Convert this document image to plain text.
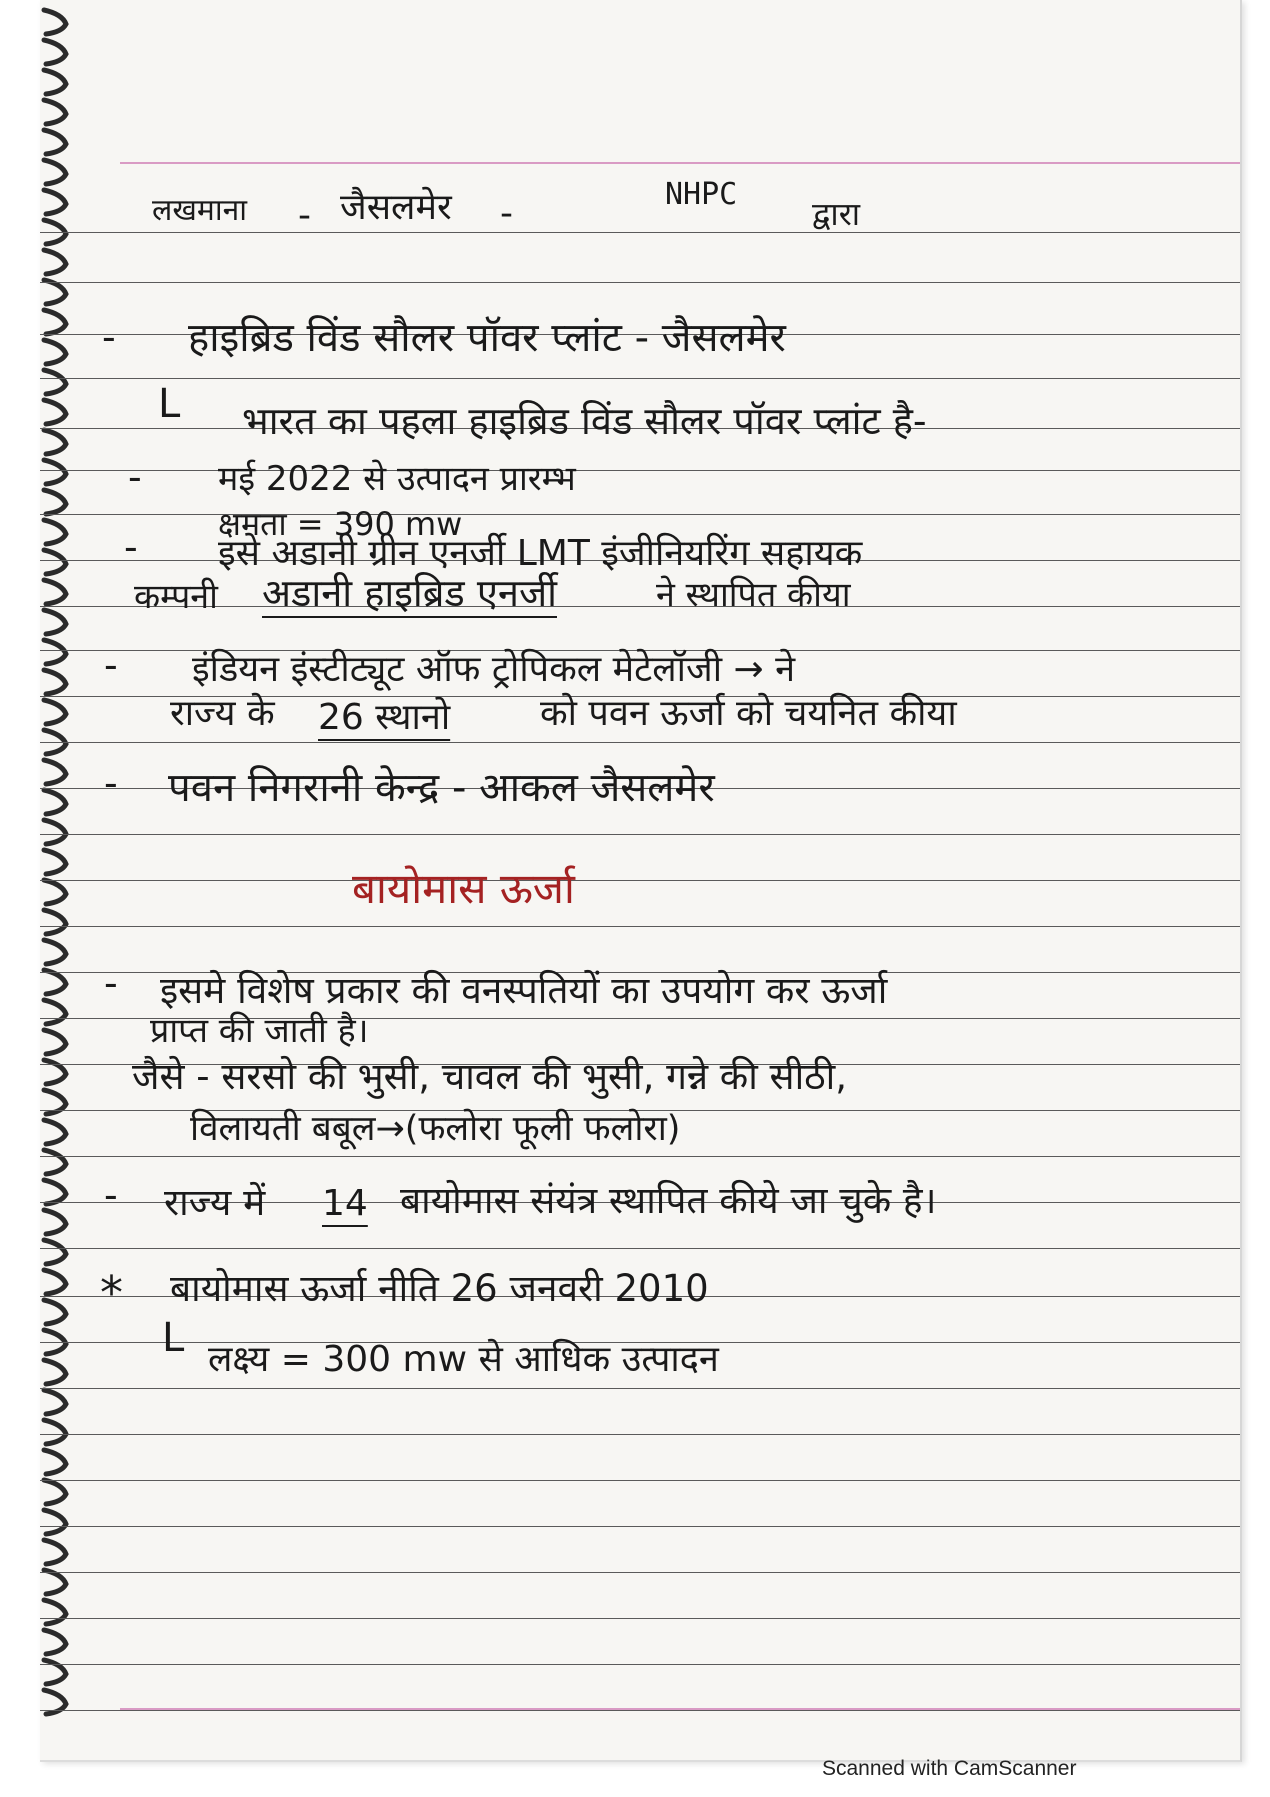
लखमाना - जैसलमेर -	NHPC
द्वारा
- हाइब्रिड विंड सौलर पॉवर प्लांट - जैसलमेर
L भारत का पहला हाइब्रिड विंड सौलर पॉवर प्लांट है-
- मई 2022 से उत्पादन प्रारम्भ
क्षमता = 390 mw
- इसे अडानी ग्रीन एनर्जी LMT इंजीनियरिंग सहायक
कम्पनी अडानी हाइब्रिड एनर्जी	ने स्थापित कीया
- इंडियन इंस्टीट्यूट ऑफ ट्रोपिकल मेटेलॉजी → ने
राज्य के 26 स्थानो को पवन ऊर्जा को चयनित कीया
- पवन निगरानी केन्द्र - आकल जैसलमेर
बायोमास ऊर्जा
- इसमे विशेष प्रकार की वनस्पतियों का उपयोग कर ऊर्जा
प्राप्त की जाती है।
जैसे - सरसो की भुसी, चावल की भुसी, गन्ने की सीठी,
विलायती बबूल→(फलोरा फूली फलोरा)
- राज्य में	14 बायोमास संयंत्र स्थापित कीये जा चुके है।
* बायोमास ऊर्जा नीति 26 जनवरी 2010
L लक्ष्य = 300 mw से आधिक उत्पादन
Scanned with CamScanner
